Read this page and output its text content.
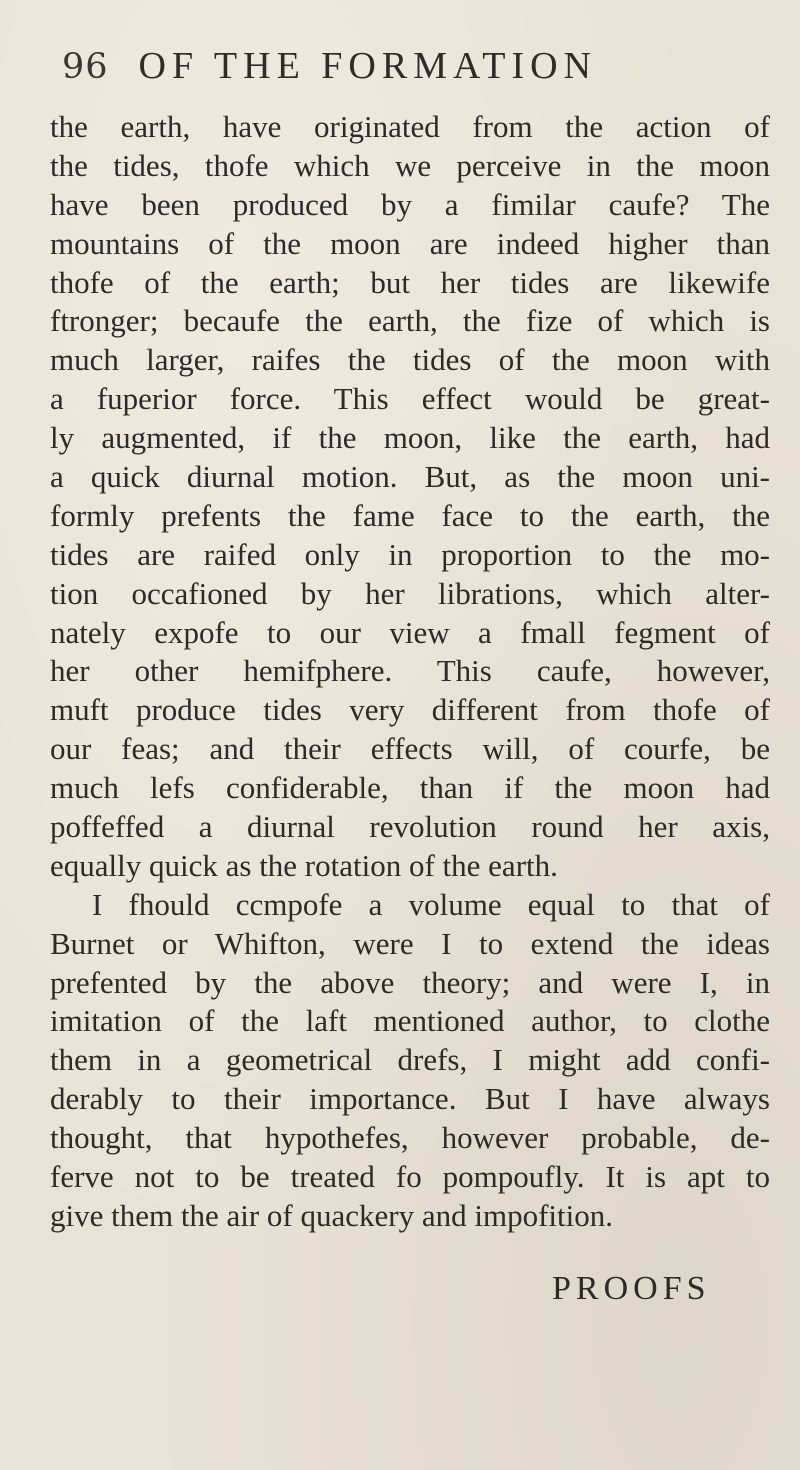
96 OF THE FORMATION
the earth, have originated from the action of
the tides, thofe which we perceive in the moon
have been produced by a fimilar caufe? The
mountains of the moon are indeed higher than
thofe of the earth; but her tides are likewife
ftronger; becaufe the earth, the fize of which is
much larger, raifes the tides of the moon with
a fuperior force. This effect would be great-
ly augmented, if the moon, like the earth, had
a quick diurnal motion. But, as the moon uni-
formly prefents the fame face to the earth, the
tides are raifed only in proportion to the mo-
tion occafioned by her librations, which alter-
nately expofe to our view a fmall fegment of
her other hemifphere. This caufe, however,
muft produce tides very different from thofe of
our feas; and their effects will, of courfe, be
much lefs confiderable, than if the moon had
poffeffed a diurnal revolution round her axis,
equally quick as the rotation of the earth.
I fhould ccmpofe a volume equal to that of
Burnet or Whifton, were I to extend the ideas
prefented by the above theory; and were I, in
imitation of the laft mentioned author, to clothe
them in a geometrical drefs, I might add confi-
derably to their importance. But I have always
thought, that hypothefes, however probable, de-
ferve not to be treated fo pompoufly. It is apt to
give them the air of quackery and impofition.
PROOFS
